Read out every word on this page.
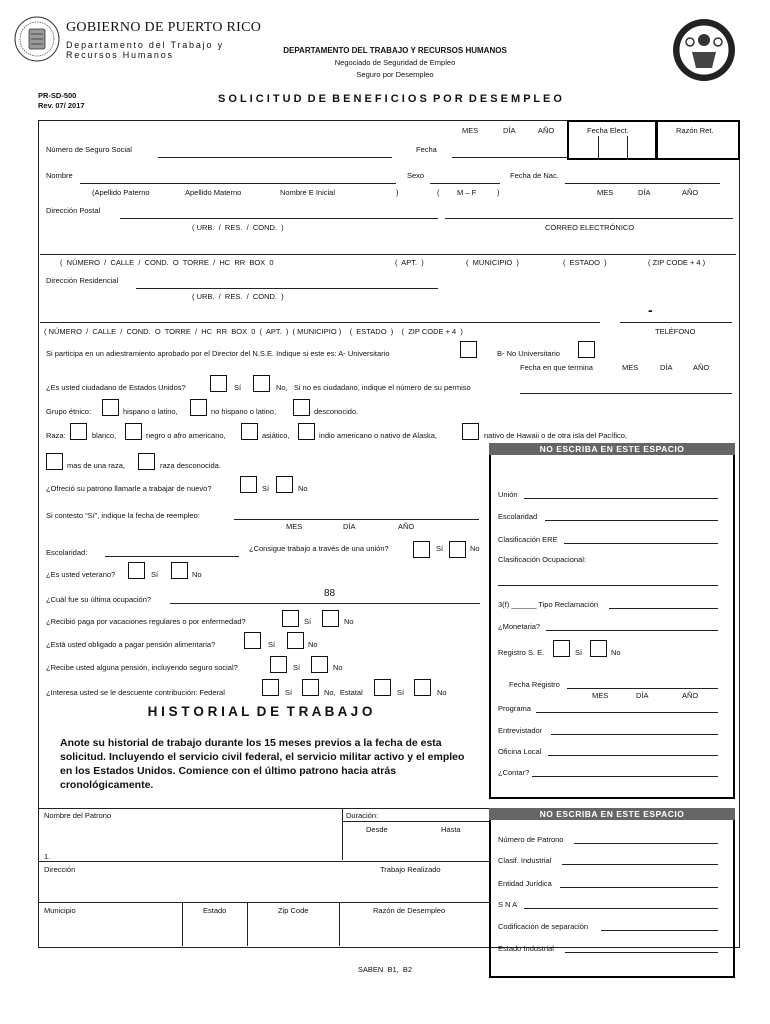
GOBIERNO DE PUERTO RICO
Departamento del Trabajo y
Recursos Humanos	DEPARTAMENTO DEL TRABAJO Y RECURSOS HUMANOS
Negociado de Seguridad de Empleo
Seguro por Desempleo
PR-SD-500
Rev. 07/ 2017
S O L I C I T U D  D E  B E N E F I C I O S  P O R  D E S E M P L E O
MES	DÍA	AÑO	Fecha Elect.	Razón Ret.
Número de Seguro Social	Fecha
Nombre	Sexo	Fecha de Nac.
(Apellido Paterno	Apellido Materno	Nombre E Inicial	)	( M – F	)	MES	DÍA	AÑO
Dirección Postal
( URB.  /  RES.  /  COND.  )	CORREO ELECTRÓNICO
(  NÚMERO  /  CALLE  /  COND.  O  TORRE  /  HC  RR  BOX  0	(  APT.  )	(  MUNICIPIO  )	(  ESTADO  )	( ZIP CODE + 4 )
Dirección Residencial
( URB.  /  RES.  /  COND.  )
-
( NÚMERO  /  CALLE  /  COND.  O  TORRE  /  HC  RR  BOX  0  (  APT.  )  ( MUNICIPIO )    (  ESTADO  )    (  ZIP CODE + 4  )	TELÉFONO
Si participa en un adiestramiento aprobado por el Director del N.S.E. Indique si este es: A- Universitario	B- No Universitario
Fecha en que termina	MES	DÍA	AÑO
¿Es usted ciudadano de Estados Unidos?	Sí	No,   Si no es ciudadano, indique el número de su permiso
Grupo étnico:	hispano o latino,	no hispano o latino,	desconocido.
Raza:	blanco,	negro o afro americano,	asiático,	indio americano o nativo de Alaska,	nativo de Hawaii o de otra isla del Pacífico,
NO ESCRIBA EN ESTE ESPACIO
Unión
Escolaridad
Clasificación ERE
Clasificación Ocupacional:
3(f) ______ Tipo Reclamación
¿Monetaria?
Registro S. E.	Sí	No
Fecha Registro
MES	DÍA	AÑO
Programa
Entrevistador
Oficina Local
¿Contar?
mas de una raza,	raza desconocida.
¿Ofreció su patrono llamarle a trabajar de nuevo?	Sí	No
Si contesto “Sí”, indique la fecha de reempleo:
MES	DÍA	AÑO
Escolaridad:	¿Consigue trabajo a través de una unión?	Sí	No
¿Es usted veterano?	Sí	No
¿Cuál fue su última ocupación?
88
¿Recibió paga por vacaciones regulares o por enfermedad?	Sí	No
¿Está usted obligado a pagar pensión alimentaria?	Sí	No
¿Recibe usted alguna pensión, incluyendo seguro social?	Sí	No
¿Interesa usted se le descuente contribución: Federal	Sí	No,  Estatal	Sí	No
H I S T O R I A L  D E  T R A B A J O
Anote su historial de trabajo durante los 15 meses previos a la fecha de esta solicitud. Incluyendo el servicio civil federal, el servicio militar activo y el empleo en los Estados Unidos. Comience con el último patrono hacia atrás cronológicamente.
Nombre del Patrono	Duración:
Desde	Hasta
1.
Dirección	Trabajo Realizado
Municipio	Estado	Zip Code	Razón de Desempleo
NO ESCRIBA EN ESTE ESPACIO
Número de Patrono
Clasif. Industrial
Entidad Jurídica
S N A
Codificación de separación
Estado Industrial
SABEN  B1,  B2
